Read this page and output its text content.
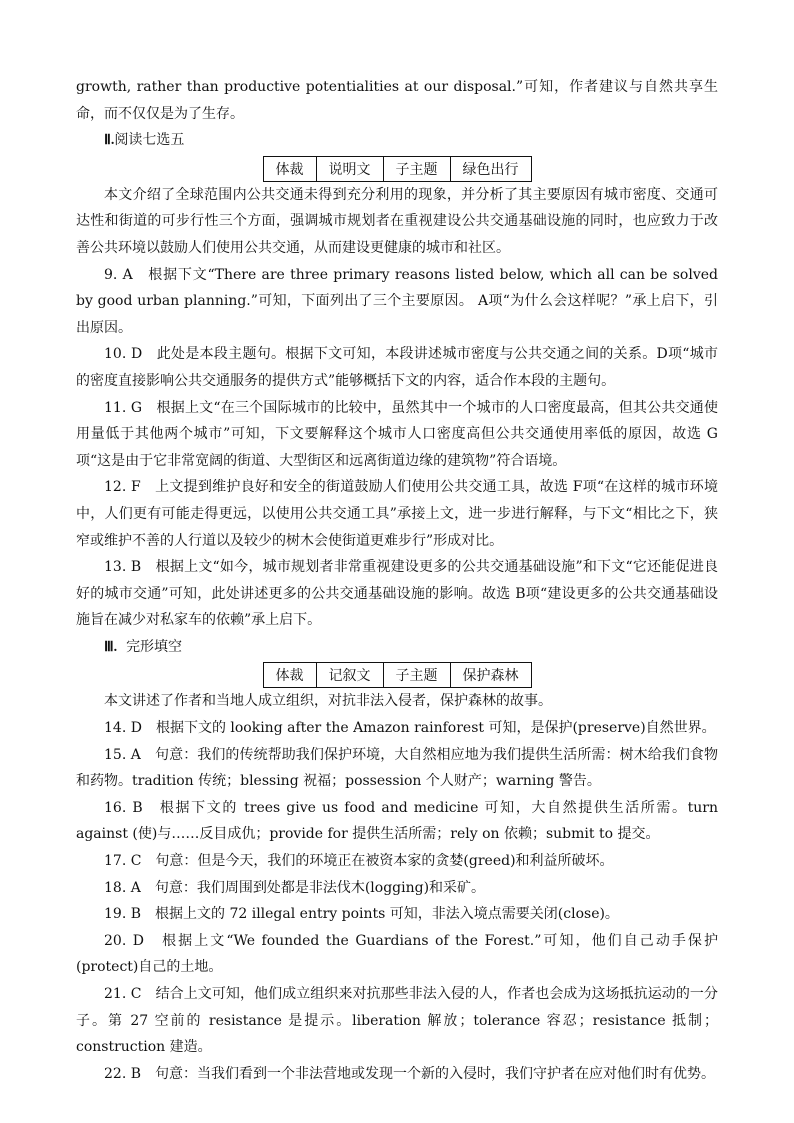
growth, rather than productive potentialities at our disposal.”可知，作者建议与自然共享生命，而不仅仅是为了生存。

Ⅱ.阅读七选五
体裁	说明文	子主题	绿色出行

本文介绍了全球范围内公共交通未得到充分利用的现象，并分析了其主要原因有城市密度、交通可达性和街道的可步行性三个方面，强调城市规划者在重视建设公共交通基础设施的同时，也应致力于改善公共环境以鼓励人们使用公共交通，从而建设更健康的城市和社区。

9. A　根据下文“There are three primary reasons listed below, which all can be solved by good urban planning.”可知，下面列出了三个主要原因。 A项“为什么会这样呢？”承上启下，引出原因。

10. D　此处是本段主题句。根据下文可知，本段讲述城市密度与公共交通之间的关系。D项“城市的密度直接影响公共交通服务的提供方式”能够概括下文的内容，适合作本段的主题句。

11. G　根据上文“在三个国际城市的比较中，虽然其中一个城市的人口密度最高，但其公共交通使用量低于其他两个城市”可知，下文要解释这个城市人口密度高但公共交通使用率低的原因，故选 G项“这是由于它非常宽阔的街道、大型街区和远离街道边缘的建筑物”符合语境。

12. F　上文提到维护良好和安全的街道鼓励人们使用公共交通工具，故选 F项“在这样的城市环境中，人们更有可能走得更远，以使用公共交通工具”承接上文，进一步进行解释，与下文“相比之下，狭窄或维护不善的人行道以及较少的树木会使街道更难步行”形成对比。

13. B　根据上文“如今，城市规划者非常重视建设更多的公共交通基础设施”和下文“它还能促进良好的城市交通”可知，此处讲述更多的公共交通基础设施的影响。故选 B项“建设更多的公共交通基础设施旨在减少对私家车的依赖”承上启下。

Ⅲ. 完形填空
体裁	记叙文	子主题	保护森林

本文讲述了作者和当地人成立组织，对抗非法入侵者，保护森林的故事。

14. D　根据下文的 looking after the Amazon rainforest 可知，是保护(preserve)自然世界。

15. A　句意：我们的传统帮助我们保护环境，大自然相应地为我们提供生活所需：树木给我们食物和药物。tradition 传统；blessing 祝福；possession 个人财产；warning 警告。

16. B　根据下文的 trees give us food and medicine 可知，大自然提供生活所需。turn against (使)与……反目成仇；provide for 提供生活所需；rely on 依赖；submit to 提交。

17. C　句意：但是今天，我们的环境正在被资本家的贪婪(greed)和利益所破坏。

18. A　句意：我们周围到处都是非法伐木(logging)和采矿。

19. B　根据上文的 72 illegal entry points 可知，非法入境点需要关闭(close)。

20. D　根据上文“We founded the Guardians of the Forest.”可知，他们自己动手保护(protect)自己的土地。

21. C　结合上文可知，他们成立组织来对抗那些非法入侵的人，作者也会成为这场抵抗运动的一分子。第 27 空前的 resistance 是提示。liberation 解放；tolerance 容忍；resistance 抵制；construction 建造。

22. B　句意：当我们看到一个非法营地或发现一个新的入侵时，我们守护者在应对他们时有优势。
